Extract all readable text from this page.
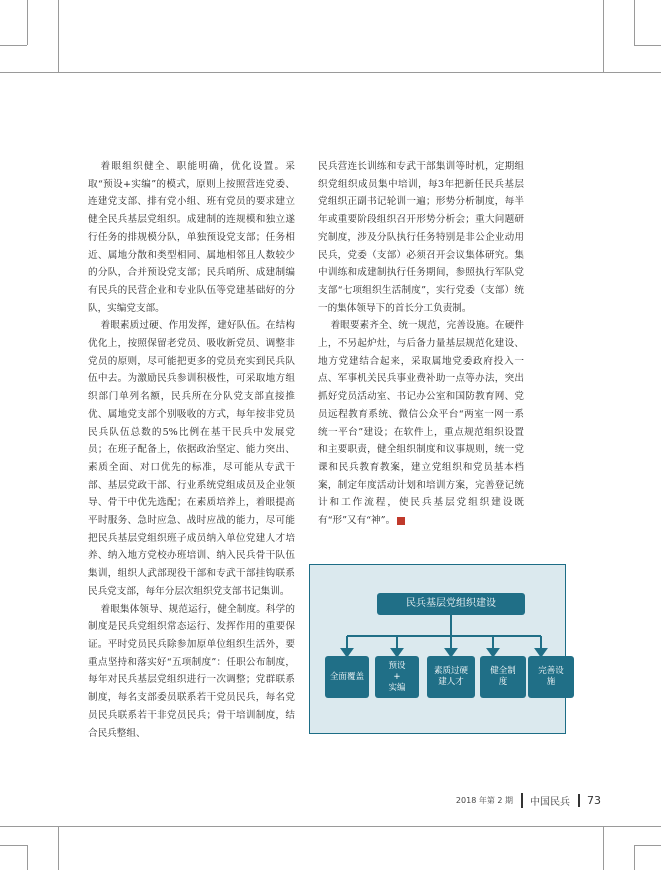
着眼组织健全、职能明确，优化设置。采取“预设+实编”的模式，原则上按照营连党委、连建党支部、排有党小组、班有党员的要求建立健全民兵基层党组织。成建制的连规模和独立遂行任务的排规模分队，单独预设党支部；任务相近、属地分散和类型相同、属地相邻且人数较少的分队，合并预设党支部；民兵哨所、成建制编有民兵的民营企业和专业队伍等党建基础好的分队，实编党支部。

着眼素质过硬、作用发挥，建好队伍。在结构优化上，按照保留老党员、吸收新党员、调整非党员的原则，尽可能把更多的党员充实到民兵队伍中去。为激励民兵参训积极性，可采取地方组织部门单列名额，民兵所在分队党支部直接推优、属地党支部个别吸收的方式，每年按非党员民兵队伍总数的5%比例在基干民兵中发展党员；在班子配备上，依据政治坚定、能力突出、素质全面、对口优先的标准，尽可能从专武干部、基层党政干部、行业系统党组成员及企业领导、骨干中优先选配；在素质培养上，着眼提高平时服务、急时应急、战时应战的能力，尽可能把民兵基层党组织班子成员纳入单位党建人才培养、纳入地方党校办班培训、纳入民兵骨干队伍集训，组织人武部现役干部和专武干部挂钩联系民兵党支部，每年分层次组织党支部书记集训。

着眼集体领导、规范运行，健全制度。科学的制度是民兵党组织常态运行、发挥作用的重要保证。平时党员民兵除参加原单位组织生活外，要重点坚持和落实好“五项制度”：任职公布制度，每年对民兵基层党组织进行一次调整；党群联系制度，每名支部委员联系若干党员民兵，每名党员民兵联系若干非党员民兵；骨干培训制度，结合民兵整组、

民兵营连长训练和专武干部集训等时机，定期组织党组织成员集中培训，每3年把新任民兵基层党组织正副书记轮训一遍；形势分析制度，每半年或重要阶段组织召开形势分析会；重大问题研究制度，涉及分队执行任务特别是非公企业动用民兵，党委（支部）必须召开会议集体研究。集中训练和成建制执行任务期间，参照执行军队党支部“七项组织生活制度”，实行党委（支部）统一的集体领导下的首长分工负责制。

着眼要素齐全、统一规范，完善设施。在硬件上，不另起炉灶，与后备力量基层规范化建设、地方党建结合起来，采取属地党委政府投入一点、军事机关民兵事业费补助一点等办法，突出抓好党员活动室、书记办公室和国防教育网、党员远程教育系统、微信公众平台“两室一网一系统一平台”建设；在软件上，重点规范组织设置和主要职责，健全组织制度和议事规则，统一党课和民兵教育教案，建立党组织和党员基本档案，制定年度活动计划和培训方案，完善登记统计和工作流程，使民兵基层党组织建设既有“形”又有“神”。 ■

民兵基层党组织建设
全面覆盖
预设
+
实编
素质过硬
建人才
健全制度
完善设施
2018 年第 2 期	中国民兵	73
